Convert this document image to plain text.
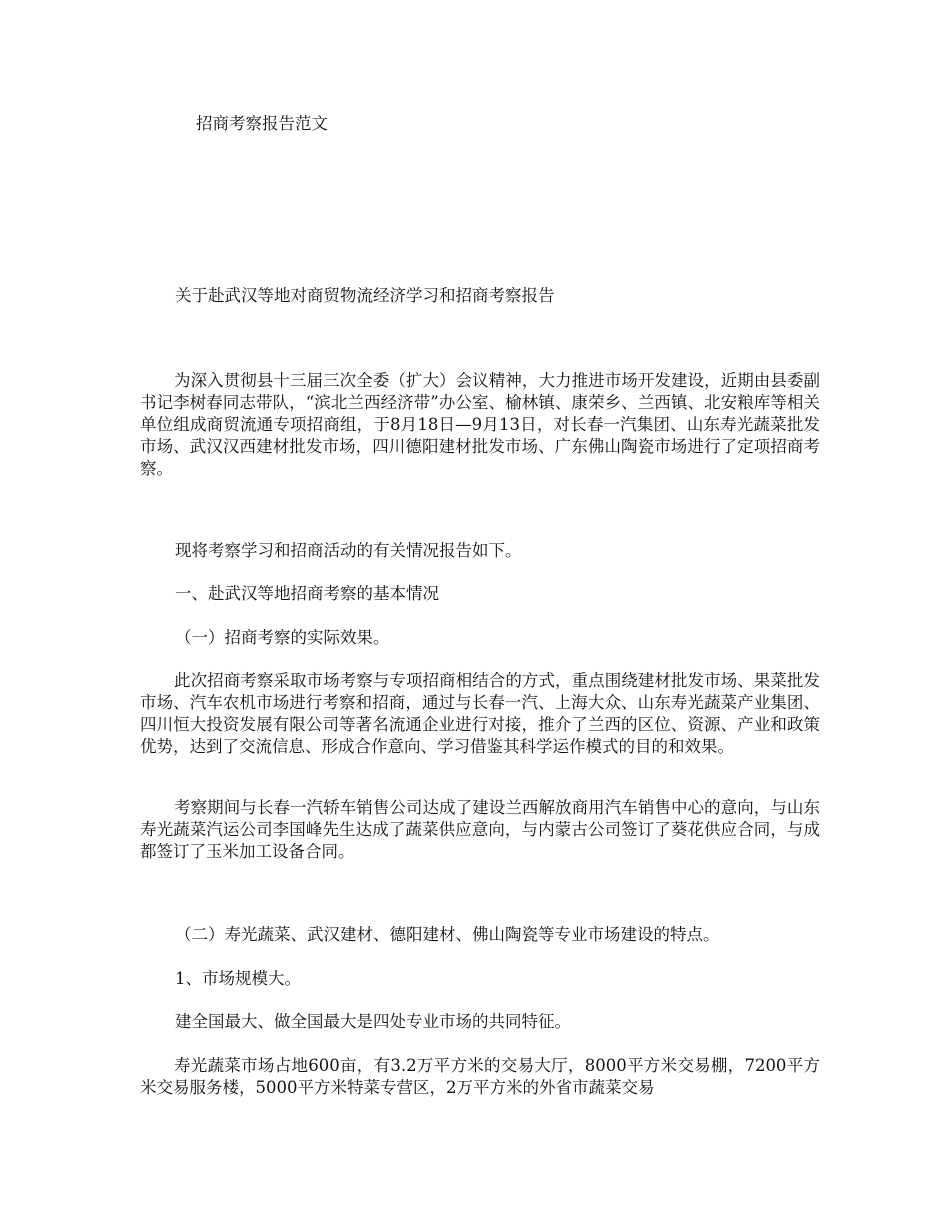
招商考察报告范文

关于赴武汉等地对商贸物流经济学习和招商考察报告

为深入贯彻县十三届三次全委（扩大）会议精神，大力推进市场开发建设，近期由县委副书记李树春同志带队，“滨北兰西经济带”办公室、榆林镇、康荣乡、兰西镇、北安粮库等相关单位组成商贸流通专项招商组，于8月18日—9月13日，对长春一汽集团、山东寿光蔬菜批发市场、武汉汉西建材批发市场，四川德阳建材批发市场、广东佛山陶瓷市场进行了定项招商考察。

现将考察学习和招商活动的有关情况报告如下。

一、赴武汉等地招商考察的基本情况

（一）招商考察的实际效果。

此次招商考察采取市场考察与专项招商相结合的方式，重点围绕建材批发市场、果菜批发市场、汽车农机市场进行考察和招商，通过与长春一汽、上海大众、山东寿光蔬菜产业集团、四川恒大投资发展有限公司等著名流通企业进行对接，推介了兰西的区位、资源、产业和政策优势，达到了交流信息、形成合作意向、学习借鉴其科学运作模式的目的和效果。

考察期间与长春一汽轿车销售公司达成了建设兰西解放商用汽车销售中心的意向，与山东寿光蔬菜汽运公司李国峰先生达成了蔬菜供应意向，与内蒙古公司签订了葵花供应合同，与成都签订了玉米加工设备合同。

（二）寿光蔬菜、武汉建材、德阳建材、佛山陶瓷等专业市场建设的特点。

1、市场规模大。

建全国最大、做全国最大是四处专业市场的共同特征。

寿光蔬菜市场占地600亩，有3.2万平方米的交易大厅，8000平方米交易棚，7200平方米交易服务楼，5000平方米特菜专营区，2万平方米的外省市蔬菜交易
